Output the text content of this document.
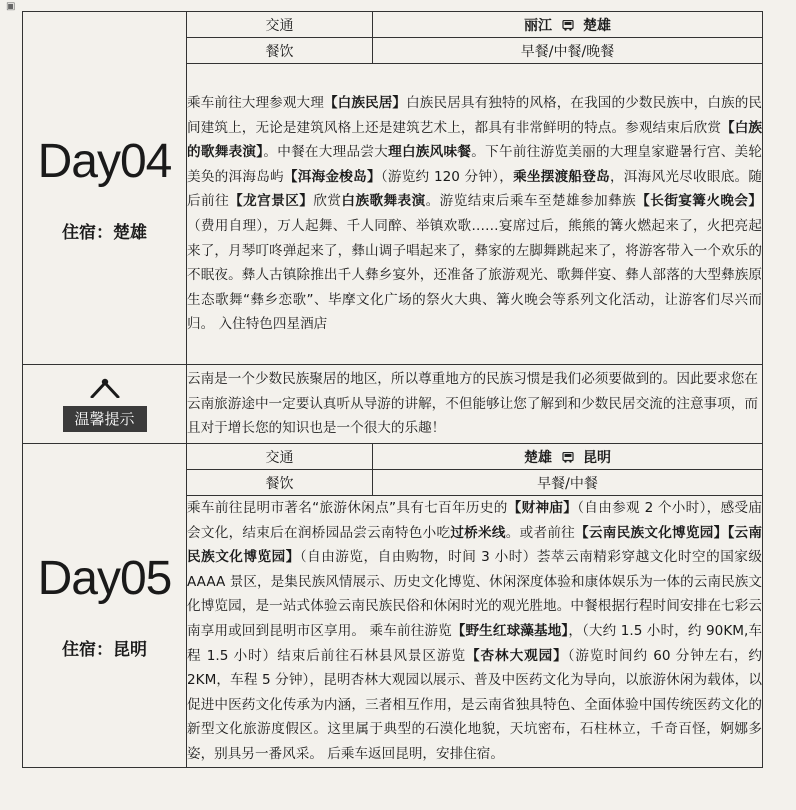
▣
Day04
住宿：楚雄	交通	丽江 楚雄
	餐饮	早餐/中餐/晚餐
	乘车前往大理参观大理【白族民居】白族民居具有独特的风格，在我国的少数民族中，白族的民间建筑上，无论是建筑风格上还是建筑艺术上，都具有非常鲜明的特点。参观结束后欣赏【白族的歌舞表演】。中餐在大理品尝大理白族风味餐。下午前往游览美丽的大理皇家避暑行宫、美轮美奂的洱海岛屿【洱海金梭岛】（游览约 120 分钟），乘坐摆渡船登岛，洱海风光尽收眼底。随后前往【龙宫景区】欣赏白族歌舞表演。游览结束后乘车至楚雄参加彝族【长街宴篝火晚会】（费用自理），万人起舞、千人同醉、举镇欢歌……宴席过后，熊熊的篝火燃起来了，火把亮起来了，月琴叮咚弹起来了，彝山调子唱起来了，彝家的左脚舞跳起来了，将游客带入一个欢乐的不眠夜。彝人古镇除推出千人彝乡宴外，还准备了旅游观光、歌舞伴宴、彝人部落的大型彝族原生态歌舞“彝乡恋歌”、毕摩文化广场的祭火大典、篝火晚会等系列文化活动，让游客们尽兴而归。 入住特色四星酒店	

温馨提示	云南是一个少数民族聚居的地区，所以尊重地方的民族习惯是我们必须要做到的。因此要求您在云南旅游途中一定要认真听从导游的讲解，不但能够让您了解到和少数民居交流的注意事项，而且对于增长您的知识也是一个很大的乐趣！	

Day05
住宿：昆明	交通	楚雄 昆明
	餐饮	早餐/中餐
	乘车前往昆明市著名“旅游休闲点”具有七百年历史的【财神庙】（自由参观 2 个小时），感受庙会文化，结束后在润桥园品尝云南特色小吃过桥米线。或者前往【云南民族文化博览园】【云南民族文化博览园】（自由游览，自由购物，时间 3 小时）荟萃云南精彩穿越文化时空的国家级 AAAA 景区，是集民族风情展示、历史文化博览、休闲深度体验和康体娱乐为一体的云南民族文化博览园，是一站式体验云南民族民俗和休闲时光的观光胜地。中餐根据行程时间安排在七彩云南享用或回到昆明市区享用。 乘车前往游览【野生红球藻基地】，（大约 1.5 小时，约 90KM,车程 1.5 小时）结束后前往石林县风景区游览【杏林大观园】（游览时间约 60 分钟左右，约 2KM，车程 5 分钟），昆明杏林大观园以展示、普及中医药文化为导向，以旅游休闲为载体，以促进中医药文化传承为内涵，三者相互作用，是云南省独具特色、全面体验中国传统医药文化的新型文化旅游度假区。这里属于典型的石漠化地貌，天坑密布，石柱林立，千奇百怪，婀娜多姿，别具另一番风采。 后乘车返回昆明，安排住宿。	
